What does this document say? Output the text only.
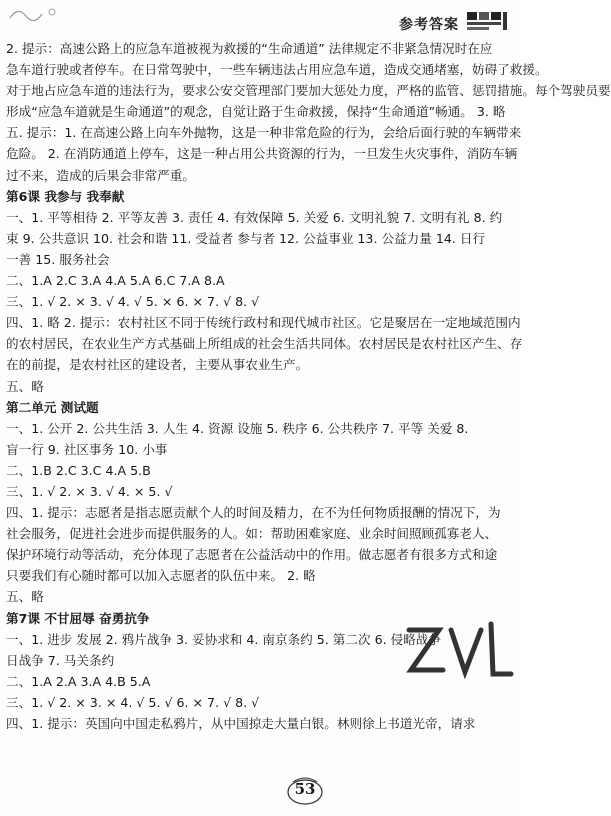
参考答案
2. 提示：高速公路上的应急车道被视为救援的“生命通道” 法律规定不非紧急情况时在应
急车道行驶或者停车。在日常驾驶中，一些车辆违法占用应急车道，造成交通堵塞，妨碍了救援。
对于地占应急车道的违法行为，要求公安交管理部门要加大惩处力度，严格的监管、惩罚措施。每个驾驶员要
形成“应急车道就是生命通道”的观念，自觉让路于生命救援，保持“生命通道”畅通。 3. 略
五. 提示：1. 在高速公路上向车外抛物，这是一种非常危险的行为，会给后面行驶的车辆带来
危险。 2. 在消防通道上停车，这是一种占用公共资源的行为，一旦发生火灾事件，消防车辆
过不来，造成的后果会非常严重。
第6课 我参与 我奉献
一、1. 平等相待 2. 平等友善 3. 责任 4. 有效保障 5. 关爱 6. 文明礼貌 7. 文明有礼 8. 约
束 9. 公共意识 10. 社会和谐 11. 受益者 参与者 12. 公益事业 13. 公益力量 14. 日行
一善 15. 服务社会
二、1.A 2.C 3.A 4.A 5.A 6.C 7.A 8.A
三、1. √ 2. × 3. √ 4. √ 5. × 6. × 7. √ 8. √
四、1. 略 2. 提示：农村社区不同于传统行政村和现代城市社区。它是聚居在一定地域范围内
的农村居民，在农业生产方式基础上所组成的社会生活共同体。农村居民是农村社区产生、存
在的前提，是农村社区的建设者，主要从事农业生产。
五、略
第二单元 测试题
一、1. 公开 2. 公共生活 3. 人生 4. 资源 设施 5. 秩序 6. 公共秩序 7. 平等 关爱 8.
盲一行 9. 社区事务 10. 小事
二、1.B 2.C 3.C 4.A 5.B
三、1. √ 2. × 3. √ 4. × 5. √
四、1. 提示：志愿者是指志愿贡献个人的时间及精力，在不为任何物质报酬的情况下，为
社会服务，促进社会进步而提供服务的人。如：帮助困难家庭、业余时间照顾孤寡老人、
保护环境行动等活动，充分体现了志愿者在公益活动中的作用。做志愿者有很多方式和途
只要我们有心随时都可以加入志愿者的队伍中来。 2. 略
五、略
第7课 不甘屈辱 奋勇抗争
一、1. 进步 发展 2. 鸦片战争 3. 妥协求和 4. 南京条约 5. 第二次 6. 侵略战争
日战争 7. 马关条约
二、1.A 2.A 3.A 4.B 5.A
三、1. √ 2. × 3. × 4. √ 5. √ 6. × 7. √ 8. √
四、1. 提示：英国向中国走私鸦片，从中国掠走大量白银。林则徐上书道光帝，请求
53
